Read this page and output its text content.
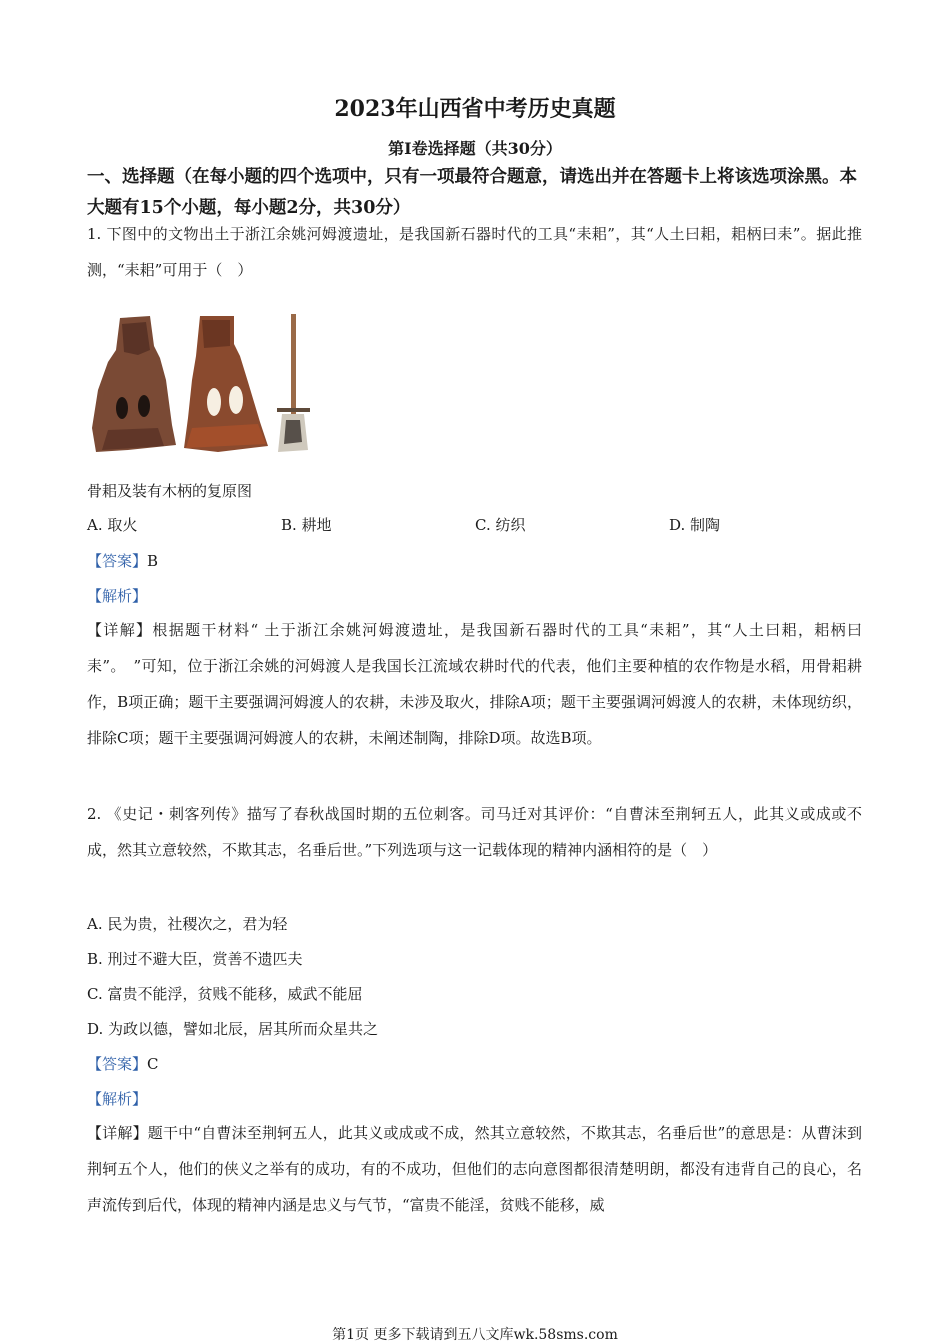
2023年山西省中考历史真题
第I卷选择题（共30分）
一、选择题（在每小题的四个选项中，只有一项最符合题意，请选出并在答题卡上将该选项涂黑。本大题有15个小题，每小题2分，共30分）
1. 下图中的文物出土于浙江余姚河姆渡遗址，是我国新石器时代的工具“耒耜”，其“人土曰耜，耜柄曰耒”。据此推测，“耒耜”可用于（　）
骨耜及装有木柄的复原图
A. 取火	B. 耕地	C. 纺织	D. 制陶
【答案】B
【解析】
【详解】根据题干材料“ 土于浙江余姚河姆渡遗址，是我国新石器时代的工具“耒耜”，其“人土曰耜，耜柄曰耒”。　”可知，位于浙江余姚的河姆渡人是我国长江流域农耕时代的代表，他们主要种植的农作物是水稻，用骨耜耕作，B项正确；题干主要强调河姆渡人的农耕，未涉及取火，排除A项；题干主要强调河姆渡人的农耕，未体现纺织，排除C项；题干主要强调河姆渡人的农耕，未阐述制陶，排除D项。故选B项。
2. 《史记・刺客列传》描写了春秋战国时期的五位刺客。司马迁对其评价：“自曹沫至荆轲五人，此其义或成或不成，然其立意较然，不欺其志，名垂后世。”下列选项与这一记载体现的精神内涵相符的是（　）
A. 民为贵，社稷次之，君为轻
B. 刑过不避大臣，赏善不遗匹夫
C. 富贵不能浮，贫贱不能移，威武不能屈
D. 为政以德，譬如北辰，居其所而众星共之
【答案】C
【解析】
【详解】题干中“自曹沫至荆轲五人，此其义或成或不成，然其立意较然，不欺其志，名垂后世”的意思是：从曹沫到荆轲五个人，他们的侠义之举有的成功，有的不成功，但他们的志向意图都很清楚明朗，都没有违背自己的良心，名声流传到后代，体现的精神内涵是忠义与气节，“富贵不能淫，贫贱不能移，威
第1页 更多下载请到五八文库wk.58sms.com
